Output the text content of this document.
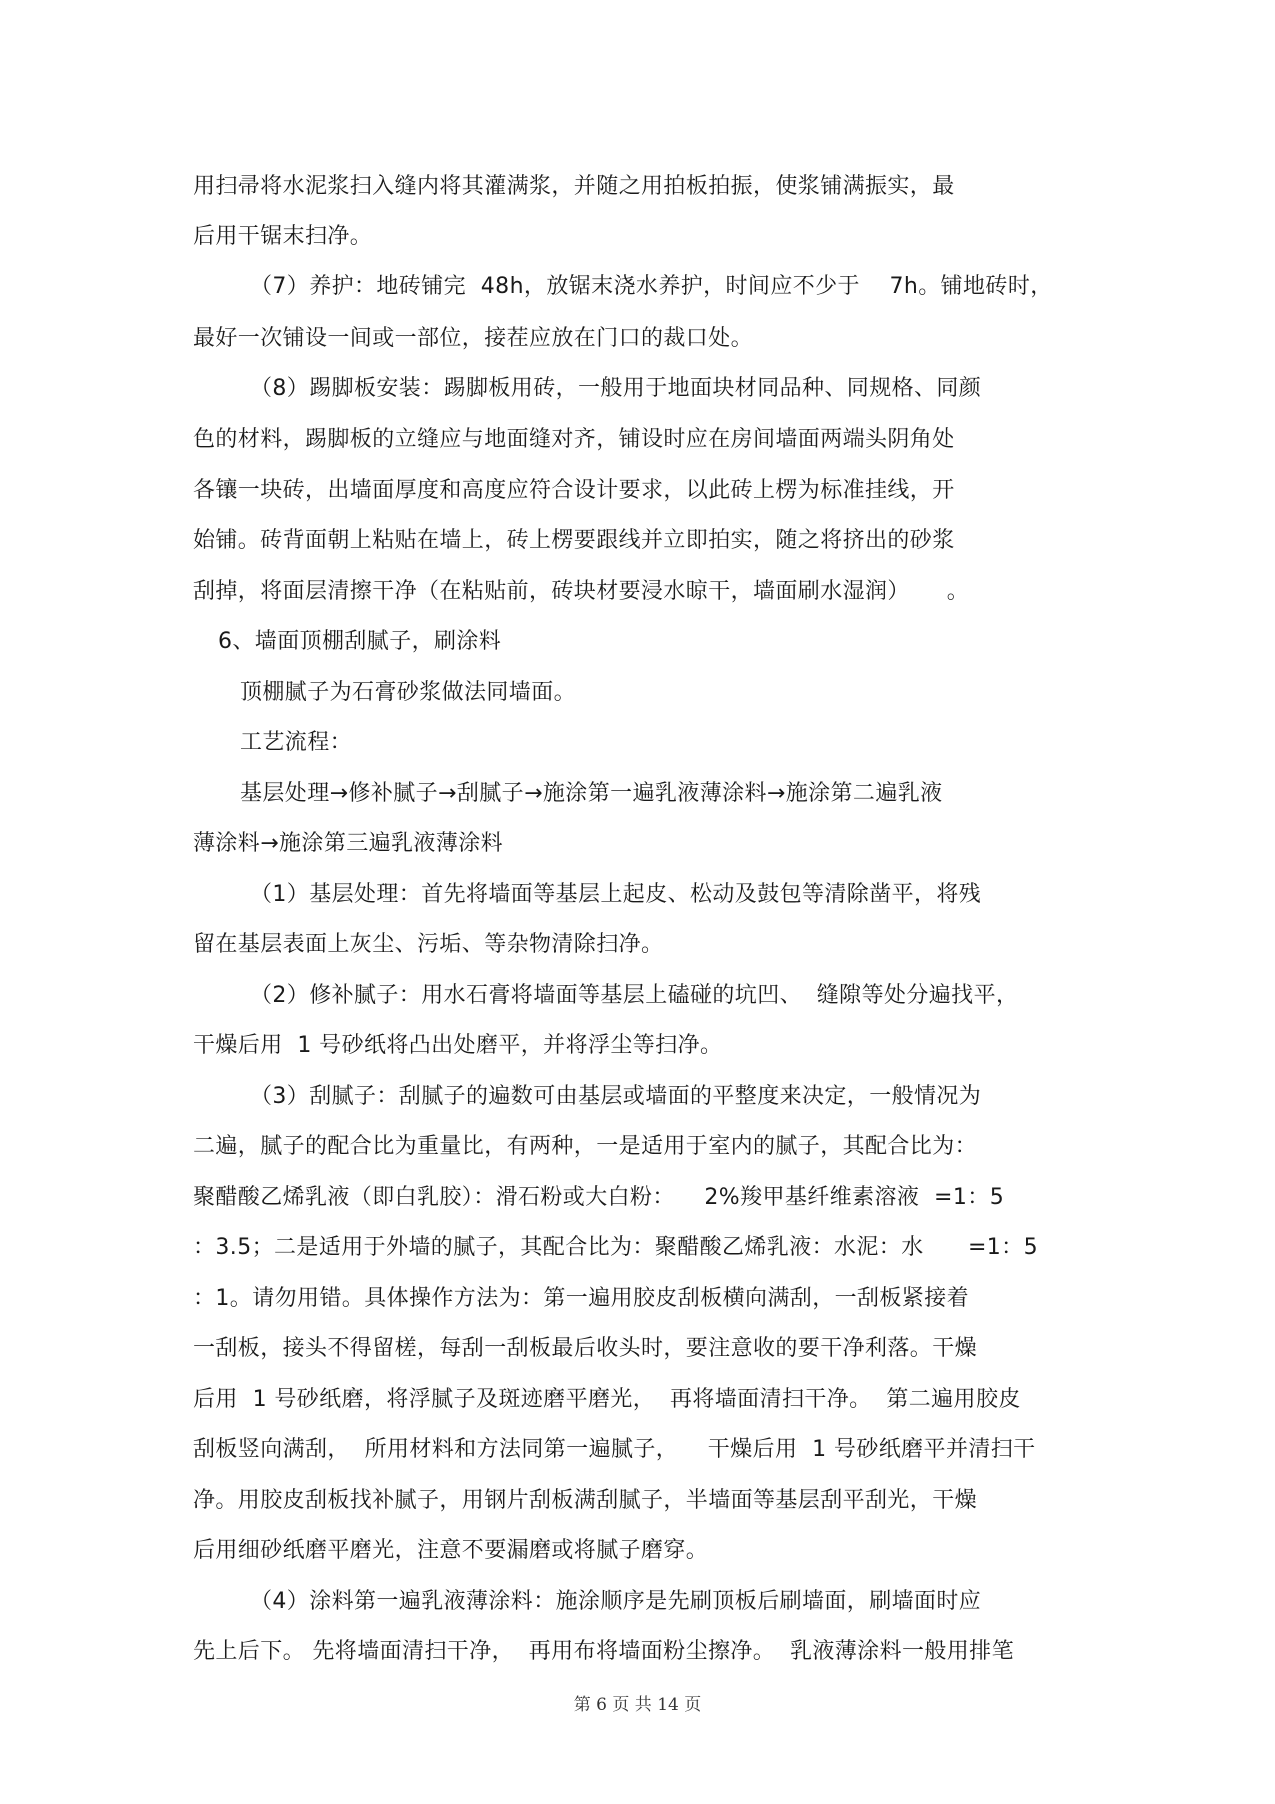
用扫帚将水泥浆扫入缝内将其灌满浆，并随之用拍板拍振，使浆铺满振实，最
后用干锯末扫净。
（7）养护：地砖铺完  48h，放锯末浇水养护，时间应不少于    7h。铺地砖时，
最好一次铺设一间或一部位，接茬应放在门口的裁口处。
（8）踢脚板安装：踢脚板用砖，一般用于地面块材同品种、同规格、同颜
色的材料，踢脚板的立缝应与地面缝对齐，铺设时应在房间墙面两端头阴角处
各镶一块砖，出墙面厚度和高度应符合设计要求，以此砖上楞为标准挂线，开
始铺。砖背面朝上粘贴在墙上，砖上楞要跟线并立即拍实，随之将挤出的砂浆
刮掉，将面层清擦干净（在粘贴前，砖块材要浸水晾干，墙面刷水湿润）     。
6、墙面顶棚刮腻子，刷涂料
顶棚腻子为石膏砂浆做法同墙面。
工艺流程：
基层处理→修补腻子→刮腻子→施涂第一遍乳液薄涂料→施涂第二遍乳液
薄涂料→施涂第三遍乳液薄涂料
（1）基层处理：首先将墙面等基层上起皮、松动及鼓包等清除凿平，将残
留在基层表面上灰尘、污垢、等杂物清除扫净。
（2）修补腻子：用水石膏将墙面等基层上磕碰的坑凹、  缝隙等处分遍找平，
干燥后用  1 号砂纸将凸出处磨平，并将浮尘等扫净。
（3）刮腻子：刮腻子的遍数可由基层或墙面的平整度来决定，一般情况为
二遍，腻子的配合比为重量比，有两种，一是适用于室内的腻子，其配合比为：
聚醋酸乙烯乳液（即白乳胶）：滑石粉或大白粉：    2%羧甲基纤维素溶液  =1：5
：3.5；二是适用于外墙的腻子，其配合比为：聚醋酸乙烯乳液：水泥：水      =1：5
：1。请勿用错。具体操作方法为：第一遍用胶皮刮板横向满刮，一刮板紧接着
一刮板，接头不得留槎，每刮一刮板最后收头时，要注意收的要干净利落。干燥
后用  1 号砂纸磨，将浮腻子及斑迹磨平磨光，  再将墙面清扫干净。  第二遍用胶皮
刮板竖向满刮，  所用材料和方法同第一遍腻子，    干燥后用  1 号砂纸磨平并清扫干
净。用胶皮刮板找补腻子，用钢片刮板满刮腻子，半墙面等基层刮平刮光，干燥
后用细砂纸磨平磨光，注意不要漏磨或将腻子磨穿。
（4）涂料第一遍乳液薄涂料：施涂顺序是先刷顶板后刷墙面，刷墙面时应
先上后下。 先将墙面清扫干净，  再用布将墙面粉尘擦净。  乳液薄涂料一般用排笔
第 6 页 共 14 页
